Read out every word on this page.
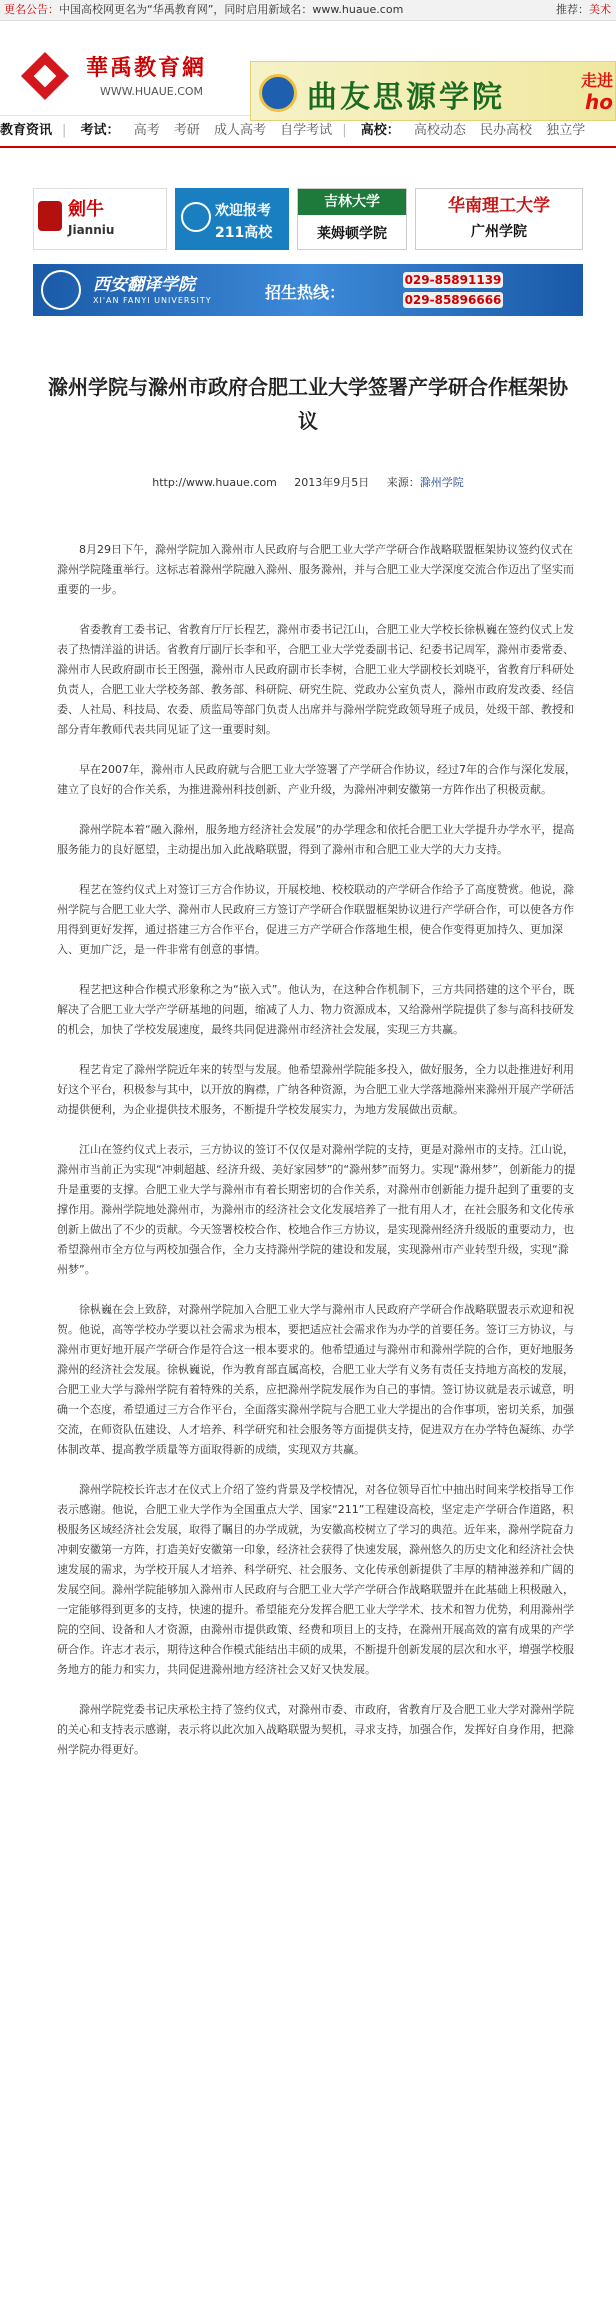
更名公告：中国高校网更名为“华禹教育网”，同时启用新域名：www.huaue.com	推荐：美术
華禹教育網
WWW.HUAUE.COM	曲友思源学院	走进
ho
教育资讯 | 考试： 高考 考研 成人高考 自学考试 | 高校： 高校动态 民办高校 独立学
劍牛
Jianniu
欢迎报考
211高校
吉林大学
莱姆顿学院
华南理工大学
广州学院
西安翻译学院
XI'AN FANYI UNIVERSITY	招生热线：
029-85891139
029-85896666
滁州学院与滁州市政府合肥工业大学签署产学研合作框架协议
http://www.huaue.com 2013年9月5日 来源：滁州学院

8月29日下午，滁州学院加入滁州市人民政府与合肥工业大学产学研合作战略联盟框架协议签约仪式在滁州学院隆重举行。这标志着滁州学院融入滁州、服务滁州，并与合肥工业大学深度交流合作迈出了坚实而重要的一步。

省委教育工委书记、省教育厅厅长程艺，滁州市委书记江山，合肥工业大学校长徐枞巍在签约仪式上发表了热情洋溢的讲话。省教育厅副厅长李和平，合肥工业大学党委副书记、纪委书记周军，滁州市委常委、滁州市人民政府副市长王图强，滁州市人民政府副市长李树，合肥工业大学副校长刘晓平，省教育厅科研处负责人，合肥工业大学校务部、教务部、科研院、研究生院、党政办公室负责人，滁州市政府发改委、经信委、人社局、科技局、农委、质监局等部门负责人出席并与滁州学院党政领导班子成员，处级干部、教授和部分青年教师代表共同见证了这一重要时刻。

早在2007年，滁州市人民政府就与合肥工业大学签署了产学研合作协议，经过7年的合作与深化发展，建立了良好的合作关系，为推进滁州科技创新、产业升级，为滁州冲刺安徽第一方阵作出了积极贡献。

滁州学院本着“融入滁州，服务地方经济社会发展”的办学理念和依托合肥工业大学提升办学水平，提高服务能力的良好愿望，主动提出加入此战略联盟，得到了滁州市和合肥工业大学的大力支持。

程艺在签约仪式上对签订三方合作协议，开展校地、校校联动的产学研合作给予了高度赞赏。他说，滁州学院与合肥工业大学、滁州市人民政府三方签订产学研合作联盟框架协议进行产学研合作，可以使各方作用得到更好发挥，通过搭建三方合作平台，促进三方产学研合作落地生根，使合作变得更加持久、更加深入、更加广泛，是一件非常有创意的事情。

程艺把这种合作模式形象称之为“嵌入式”。他认为，在这种合作机制下，三方共同搭建的这个平台，既解决了合肥工业大学产学研基地的问题，缩减了人力、物力资源成本，又给滁州学院提供了参与高科技研发的机会，加快了学校发展速度，最终共同促进滁州市经济社会发展，实现三方共赢。

程艺肯定了滁州学院近年来的转型与发展。他希望滁州学院能多投入，做好服务，全力以赴推进好利用好这个平台，积极参与其中，以开放的胸襟，广纳各种资源，为合肥工业大学落地滁州来滁州开展产学研活动提供便利，为企业提供技术服务，不断提升学校发展实力，为地方发展做出贡献。

江山在签约仪式上表示，三方协议的签订不仅仅是对滁州学院的支持，更是对滁州市的支持。江山说，滁州市当前正为实现“冲刺超越、经济升级、美好家园梦”的“滁州梦”而努力。实现“滁州梦”，创新能力的提升是重要的支撑。合肥工业大学与滁州市有着长期密切的合作关系，对滁州市创新能力提升起到了重要的支撑作用。滁州学院地处滁州市，为滁州市的经济社会文化发展培养了一批有用人才，在社会服务和文化传承创新上做出了不少的贡献。今天签署校校合作、校地合作三方协议，是实现滁州经济升级版的重要动力，也希望滁州市全方位与两校加强合作，全力支持滁州学院的建设和发展，实现滁州市产业转型升级，实现“滁州梦”。

徐枞巍在会上致辞，对滁州学院加入合肥工业大学与滁州市人民政府产学研合作战略联盟表示欢迎和祝贺。他说，高等学校办学要以社会需求为根本，要把适应社会需求作为办学的首要任务。签订三方协议，与滁州市更好地开展产学研合作是符合这一根本要求的。他希望通过与滁州市和滁州学院的合作，更好地服务滁州的经济社会发展。徐枞巍说，作为教育部直属高校，合肥工业大学有义务有责任支持地方高校的发展，合肥工业大学与滁州学院有着特殊的关系，应把滁州学院发展作为自己的事情。签订协议就是表示诚意，明确一个态度，希望通过三方合作平台，全面落实滁州学院与合肥工业大学提出的合作事项，密切关系，加强交流，在师资队伍建设、人才培养、科学研究和社会服务等方面提供支持，促进双方在办学特色凝练、办学体制改革、提高教学质量等方面取得新的成绩，实现双方共赢。

滁州学院校长许志才在仪式上介绍了签约背景及学校情况，对各位领导百忙中抽出时间来学校指导工作表示感谢。他说，合肥工业大学作为全国重点大学、国家“211”工程建设高校，坚定走产学研合作道路，积极服务区域经济社会发展，取得了瞩目的办学成就，为安徽高校树立了学习的典范。近年来，滁州学院奋力冲刺安徽第一方阵，打造美好安徽第一印象，经济社会获得了快速发展，滁州悠久的历史文化和经济社会快速发展的需求，为学校开展人才培养、科学研究、社会服务、文化传承创新提供了丰厚的精神滋养和广阔的发展空间。滁州学院能够加入滁州市人民政府与合肥工业大学产学研合作战略联盟并在此基础上积极融入，一定能够得到更多的支持，快速的提升。希望能充分发挥合肥工业大学学术、技术和智力优势，利用滁州学院的空间、设备和人才资源，由滁州市提供政策、经费和项目上的支持，在滁州开展高效的富有成果的产学研合作。许志才表示，期待这种合作模式能结出丰硕的成果，不断提升创新发展的层次和水平，增强学校服务地方的能力和实力，共同促进滁州地方经济社会又好又快发展。

滁州学院党委书记庆承松主持了签约仪式，对滁州市委、市政府，省教育厅及合肥工业大学对滁州学院的关心和支持表示感谢，表示将以此次加入战略联盟为契机，寻求支持，加强合作，发挥好自身作用，把滁州学院办得更好。
